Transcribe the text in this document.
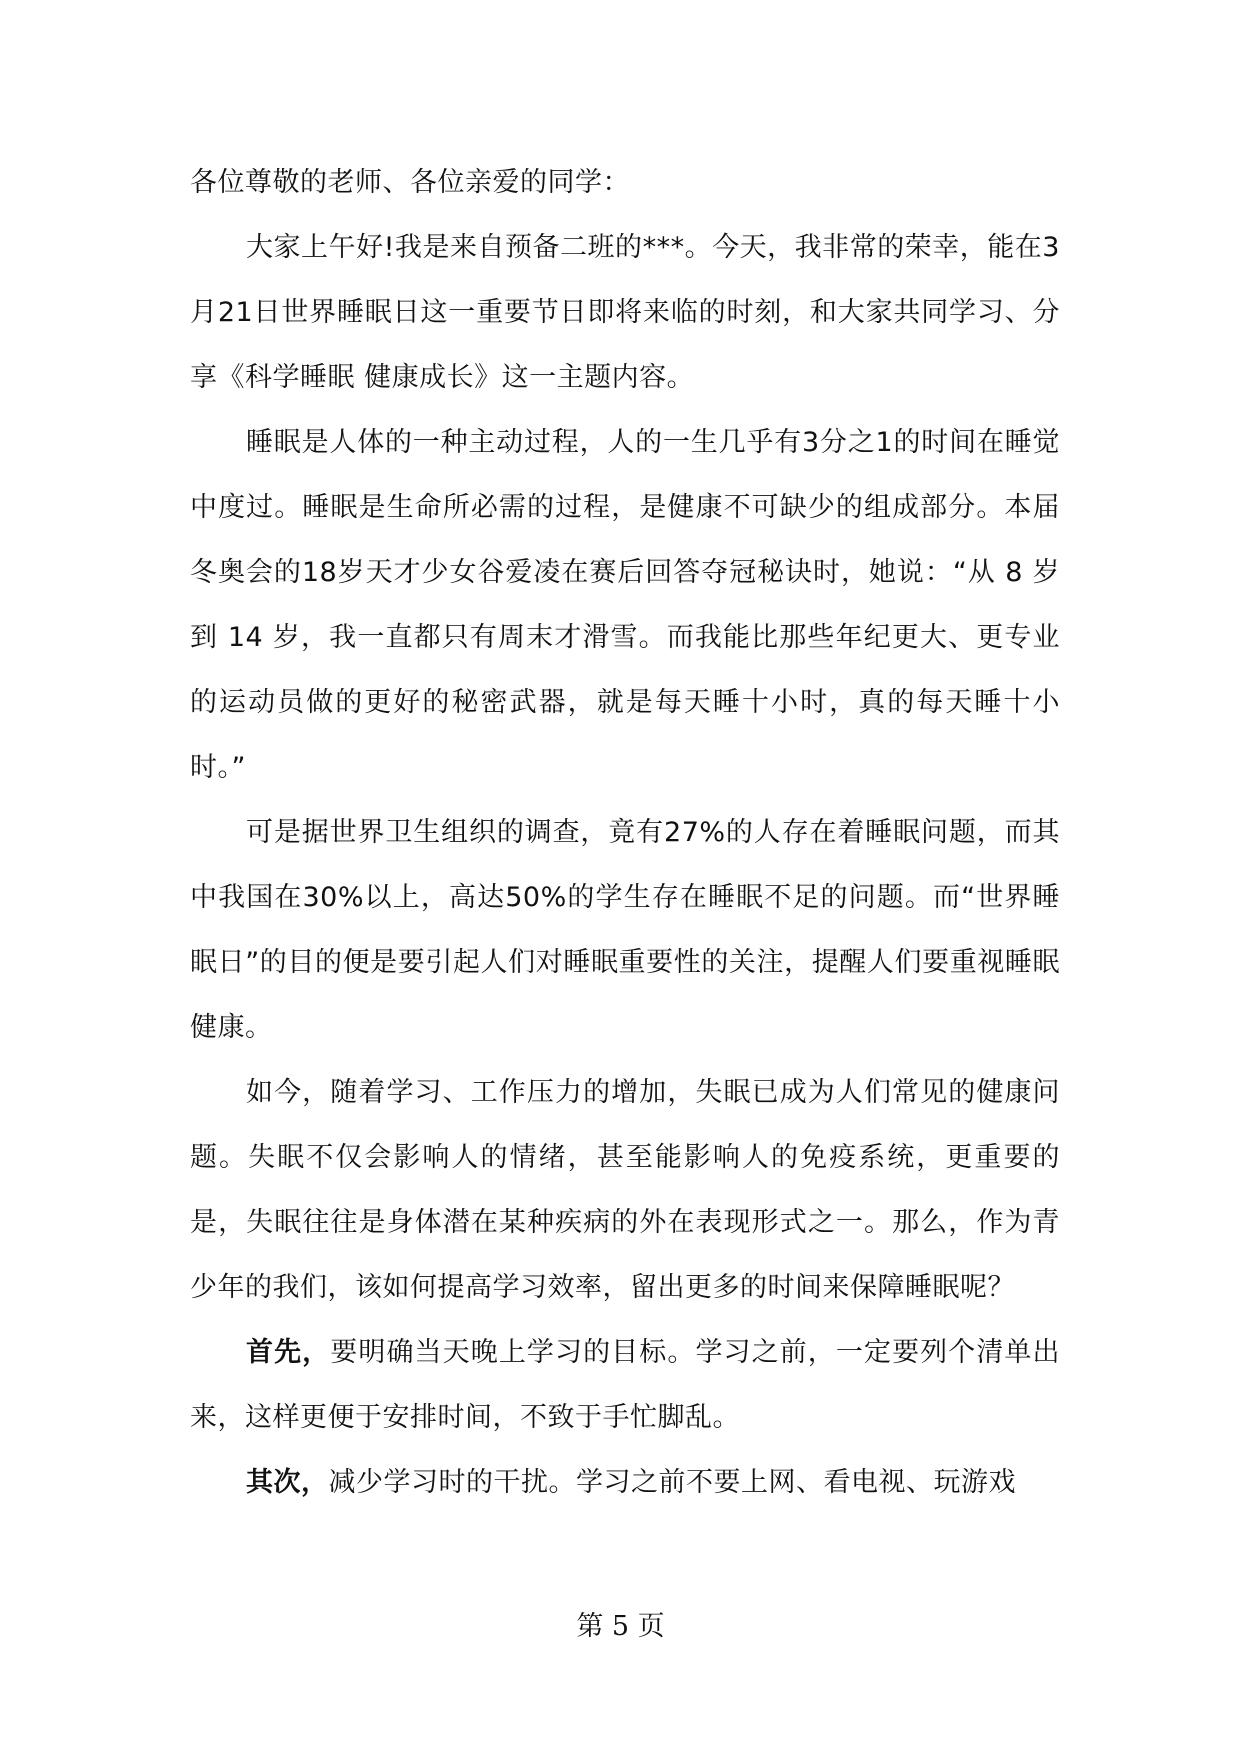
各位尊敬的老师、各位亲爱的同学：

大家上午好!我是来自预备二班的***。今天，我非常的荣幸，能在3月21日世界睡眠日这一重要节日即将来临的时刻，和大家共同学习、分享《科学睡眠 健康成长》这一主题内容。

睡眠是人体的一种主动过程，人的一生几乎有3分之1的时间在睡觉中度过。睡眠是生命所必需的过程，是健康不可缺少的组成部分。本届冬奥会的18岁天才少女谷爱凌在赛后回答夺冠秘诀时，她说：“从 8 岁到 14 岁，我一直都只有周末才滑雪。而我能比那些年纪更大、更专业的运动员做的更好的秘密武器，就是每天睡十小时，真的每天睡十小时。”

可是据世界卫生组织的调查，竟有27%的人存在着睡眠问题，而其中我国在30%以上，高达50%的学生存在睡眠不足的问题。而“世界睡眠日”的目的便是要引起人们对睡眠重要性的关注，提醒人们要重视睡眠健康。

如今，随着学习、工作压力的增加，失眠已成为人们常见的健康问题。失眠不仅会影响人的情绪，甚至能影响人的免疫系统，更重要的是，失眠往往是身体潜在某种疾病的外在表现形式之一。那么，作为青少年的我们，该如何提高学习效率，留出更多的时间来保障睡眠呢？

首先，要明确当天晚上学习的目标。学习之前，一定要列个清单出来，这样更便于安排时间，不致于手忙脚乱。

其次，减少学习时的干扰。学习之前不要上网、看电视、玩游戏

第 5 页
